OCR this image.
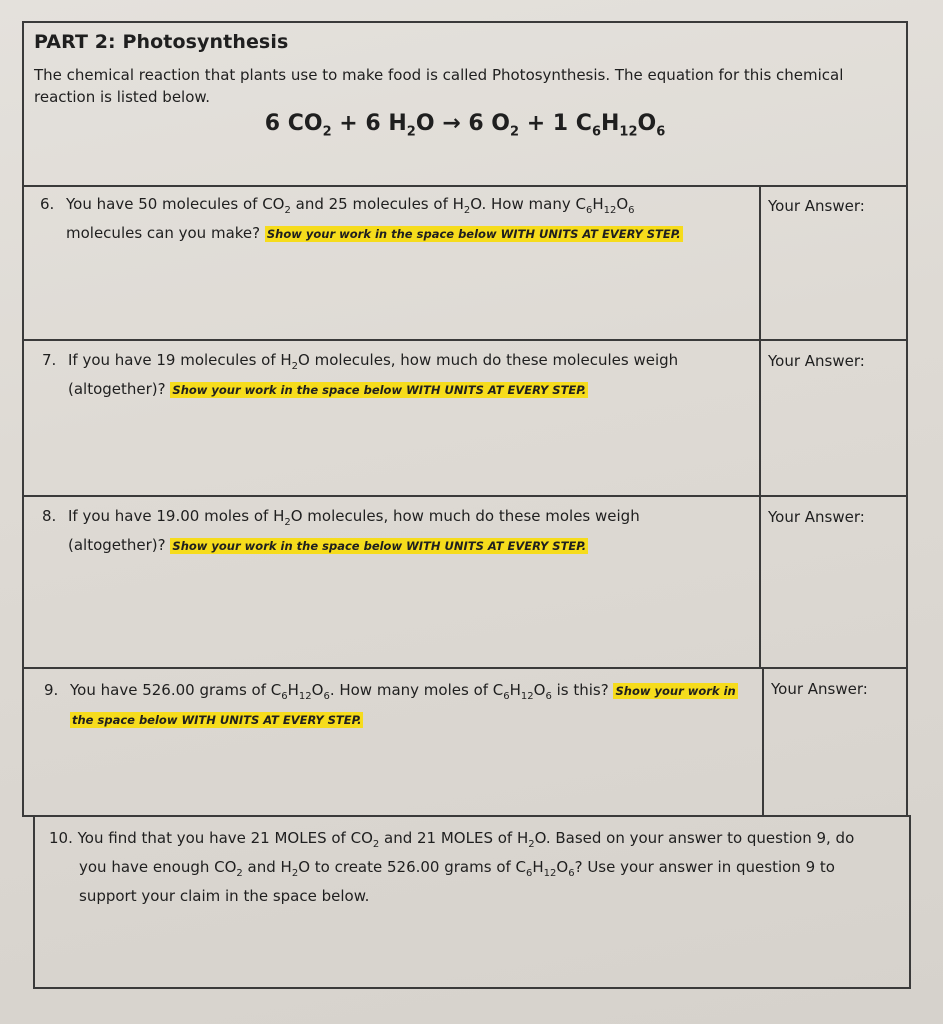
PART 2: Photosynthesis
The chemical reaction that plants use to make food is called Photosynthesis. The equation for this chemical reaction is listed below.
6 $CO_2 + 6$ $H_2O \to 6$ $O_2 + 1$ $C_6H_{12}O_6$
6. You have 50 molecules of $CO_2$ and 25 molecules of $H_2O$. How many $C_6H_{12}O_6$
molecules can you make? Show your work in the space below WITH UNITS AT EVERY STEP.
Your Answer:
7. If you have 19 molecules of $H_2O$ molecules, how much do these molecules weigh
(altogether)? Show your work in the space below WITH UNITS AT EVERY STEP.
Your Answer:
8. If you have 19.00 moles of $H_2O$ molecules, how much do these moles weigh
(altogether)? Show your work in the space below WITH UNITS AT EVERY STEP.
Your Answer:
9. You have 526.00 grams of $C_6H_{12}O_6$. How many moles of $C_6H_{12}O_6$ is this? Show your work in
the space below WITH UNITS AT EVERY STEP.
Your Answer:
10. You find that you have 21 MOLES of $CO_2$ and 21 MOLES of $H_2O$. Based on your answer to question 9, do
you have enough $CO_2$ and $H_2O$ to create 526.00 grams of $C_6H_{12}O_6$? Use your answer in question 9 to
support your claim in the space below.
